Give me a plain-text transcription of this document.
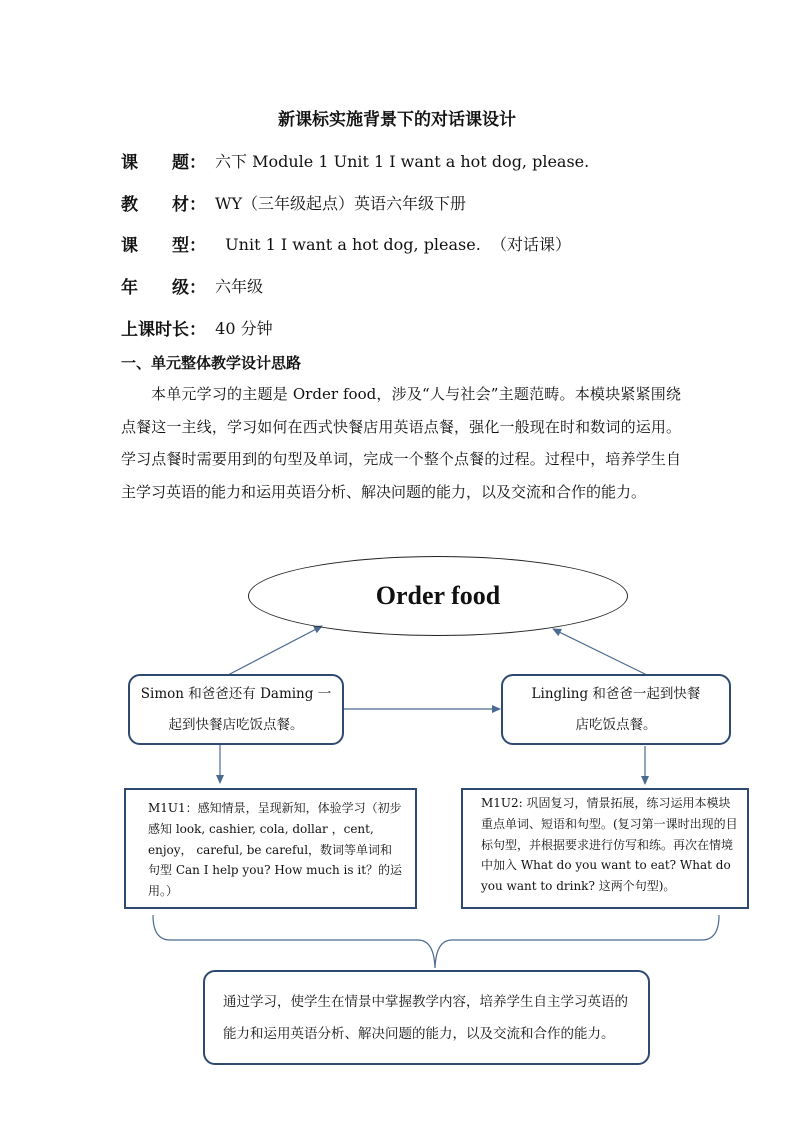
新课标实施背景下的对话课设计
课　　题： 六下 Module 1 Unit 1 I want a hot dog, please.
教　　材： WY（三年级起点）英语六年级下册
课　　型： Unit 1 I want a hot dog, please.  （对话课）
年　　级： 六年级
上课时长： 40 分钟
一、单元整体教学设计思路
本单元学习的主题是 Order food，涉及“人与社会”主题范畴。本模块紧紧围绕点餐这一主线，学习如何在西式快餐店用英语点餐，强化一般现在时和数词的运用。学习点餐时需要用到的句型及单词，完成一个整个点餐的过程。过程中，培养学生自主学习英语的能力和运用英语分析、解决问题的能力，以及交流和合作的能力。
Order food
Simon 和爸爸还有 Daming 一起到快餐店吃饭点餐。
Lingling 和爸爸一起到快餐店吃饭点餐。
M1U1：感知情景，呈现新知，体验学习（初步感知 look, cashier, cola, dollar ，cent, enjoy， careful, be careful，数词等单词和句型 Can I help you? How much is it？的运用。）
M1U2: 巩固复习，情景拓展，练习运用本模块重点单词、短语和句型。(复习第一课时出现的目标句型，并根据要求进行仿写和练。再次在情境中加入 What do you want to eat? What do you want to drink? 这两个句型)。
通过学习，使学生在情景中掌握教学内容，培养学生自主学习英语的能力和运用英语分析、解决问题的能力，以及交流和合作的能力。
